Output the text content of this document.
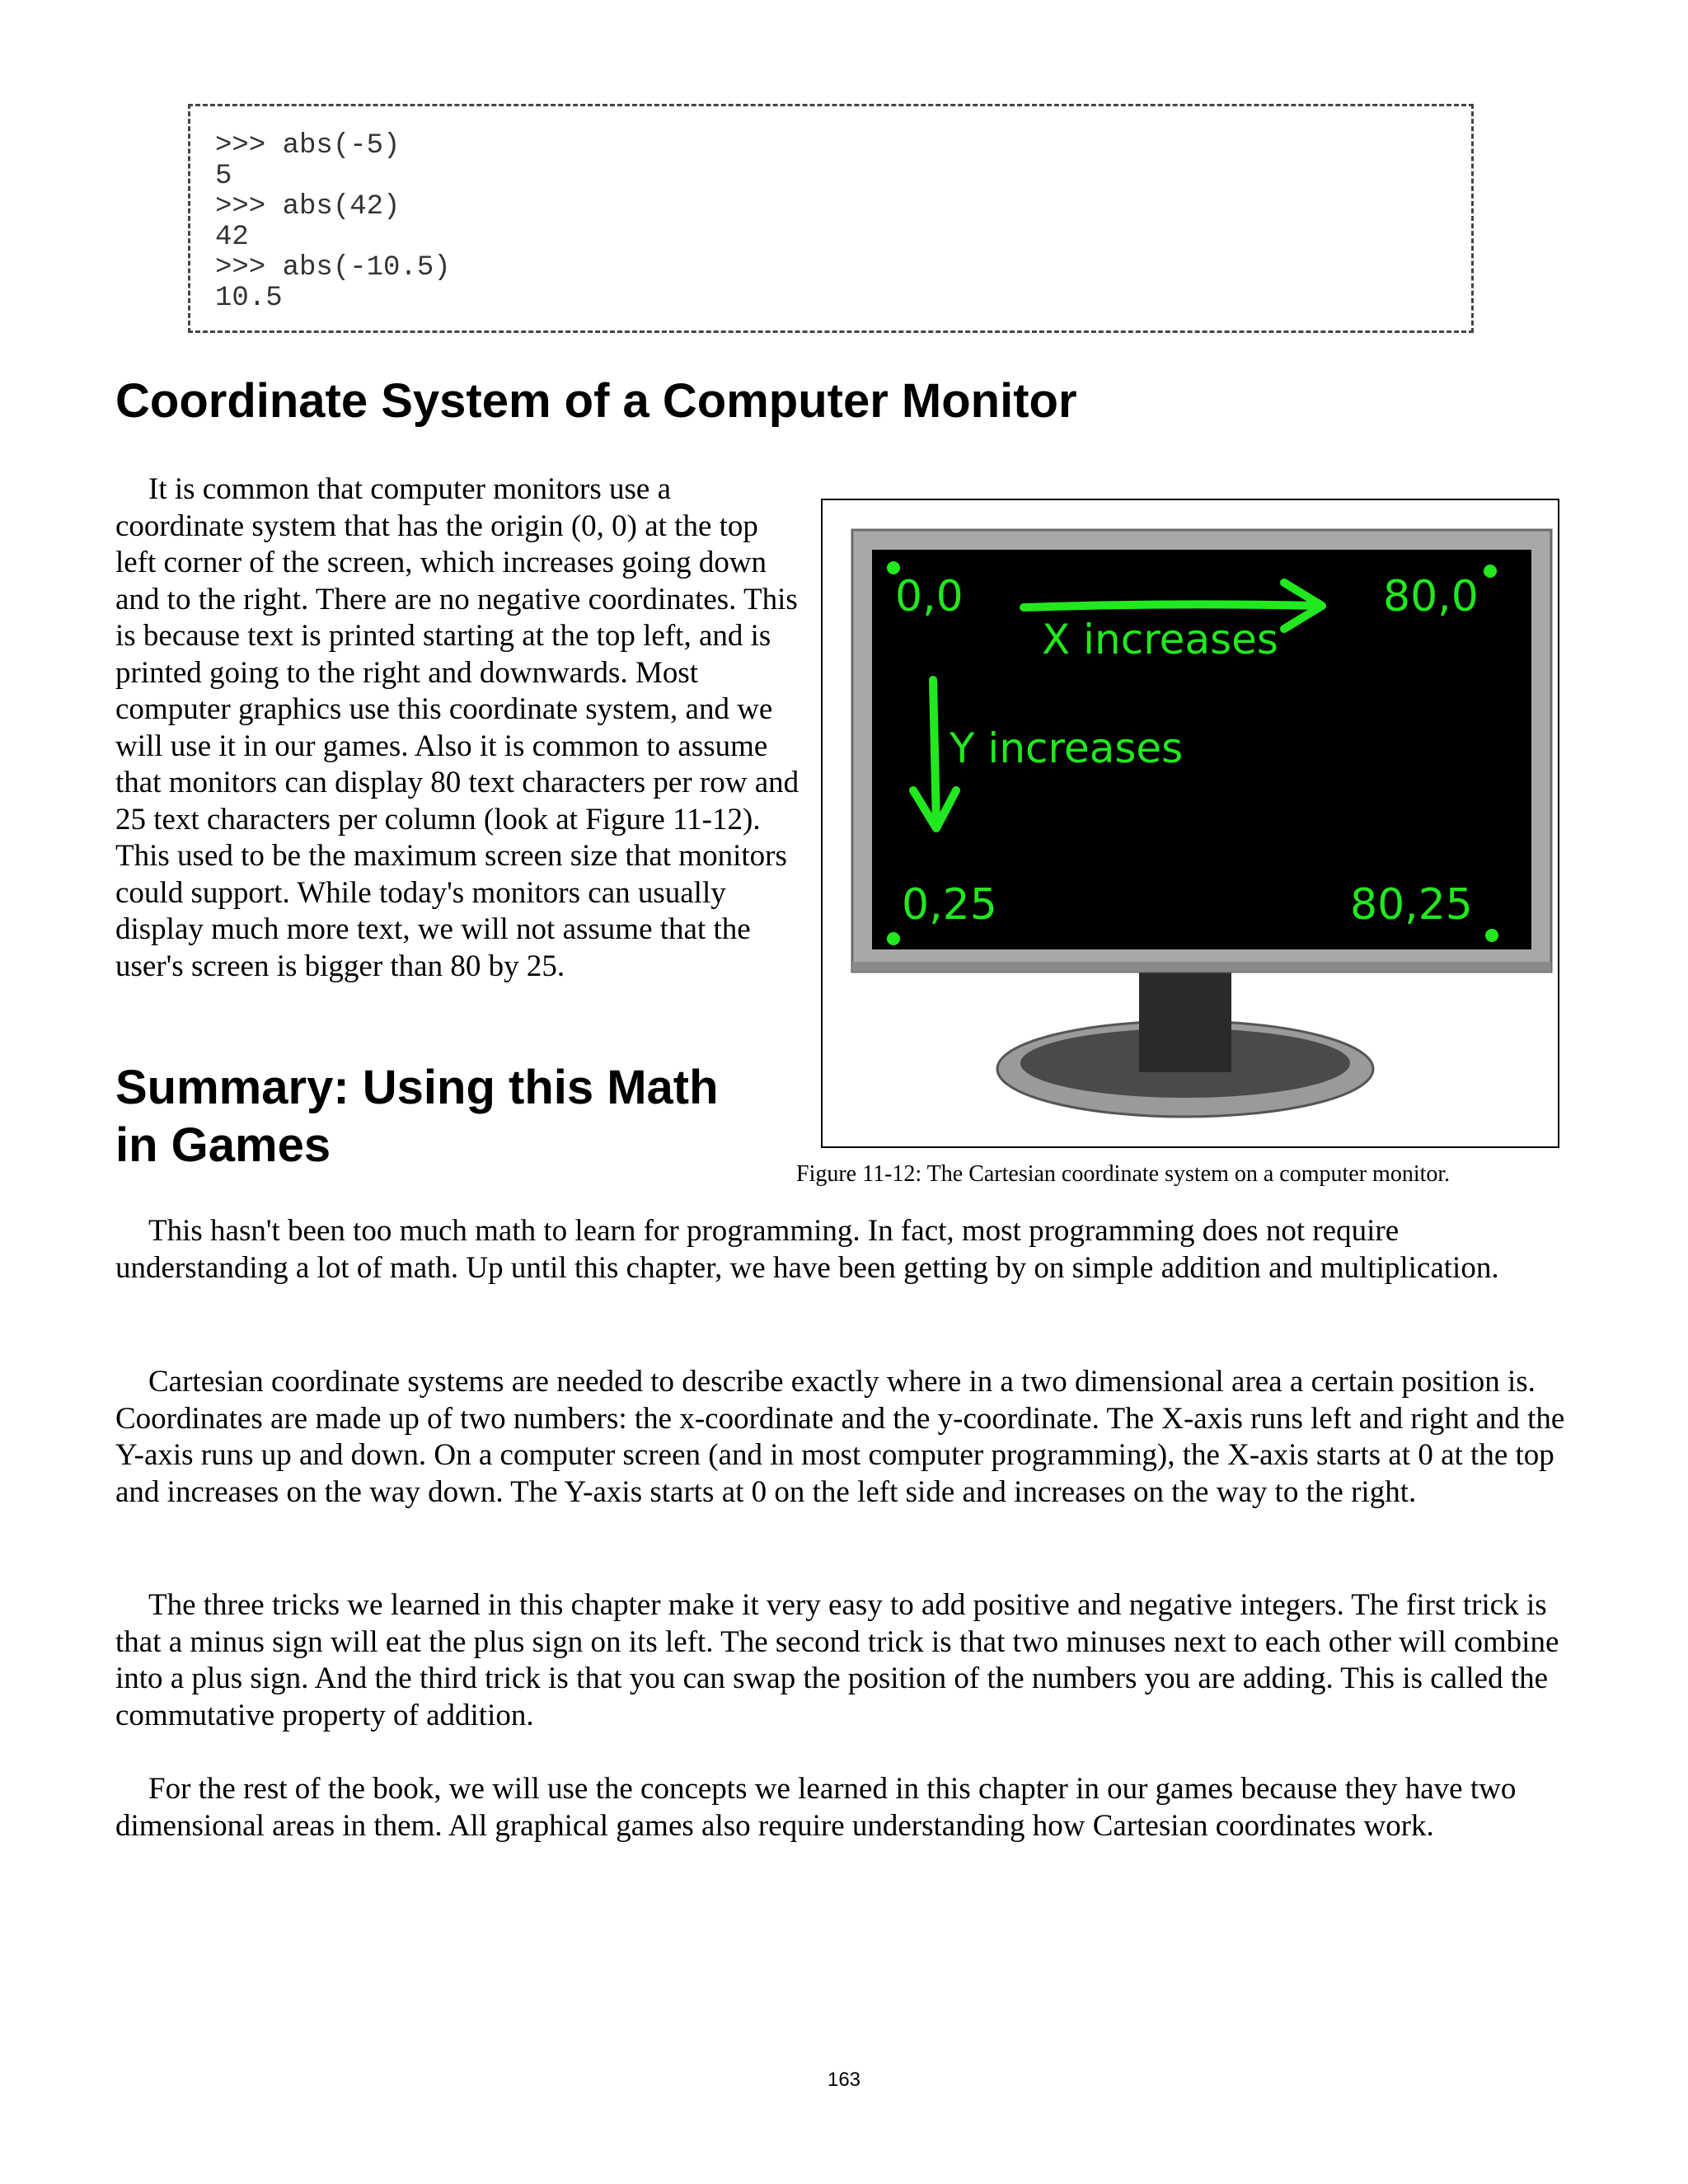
>>> abs(-5)
5
>>> abs(42)
42
>>> abs(-10.5)
10.5
Coordinate System of a Computer Monitor

It is common that computer monitors use a coordinate system that has the origin (0, 0) at the top left corner of the screen, which increases going down and to the right. There are no negative coordinates. This is because text is printed starting at the top left, and is printed going to the right and downwards. Most computer graphics use this coordinate system, and we will use it in our games. Also it is common to assume that monitors can display 80 text characters per row and 25 text characters per column (look at Figure 11-12). This used to be the maximum screen size that monitors could support. While today's monitors can usually display much more text, we will not assume that the user's screen is bigger than 80 by 25.

0,0	80,0
0,25	80,25
X increases
Y increases
Figure 11-12: The Cartesian coordinate system on a computer monitor.
Summary: Using this Math in Games

This hasn't been too much math to learn for programming. In fact, most programming does not require understanding a lot of math. Up until this chapter, we have been getting by on simple addition and multiplication.

Cartesian coordinate systems are needed to describe exactly where in a two dimensional area a certain position is. Coordinates are made up of two numbers: the x-coordinate and the y-coordinate. The X-axis runs left and right and the Y-axis runs up and down. On a computer screen (and in most computer programming), the X-axis starts at 0 at the top and increases on the way down. The Y-axis starts at 0 on the left side and increases on the way to the right.

The three tricks we learned in this chapter make it very easy to add positive and negative integers. The first trick is that a minus sign will eat the plus sign on its left. The second trick is that two minuses next to each other will combine into a plus sign. And the third trick is that you can swap the position of the numbers you are adding. This is called the commutative property of addition.

For the rest of the book, we will use the concepts we learned in this chapter in our games because they have two dimensional areas in them. All graphical games also require understanding how Cartesian coordinates work.

163
